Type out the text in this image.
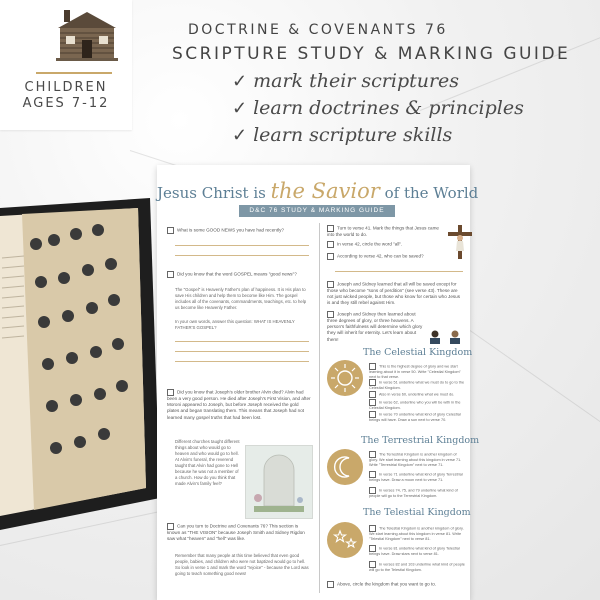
CHILDREN
AGES 7-12
DOCTRINE & COVENANTS 76
SCRIPTURE STUDY & MARKING GUIDE
✓ mark their scriptures
✓ learn doctrines & principles
✓ learn scripture skills
Jesus Christ is the Savior of the World
D&C 76 STUDY & MARKING GUIDE
What is some GOOD NEWS you have had recently?
Did you know that the word GOSPEL means "good news"?
The "Gospel" is Heavenly Father's plan of happiness. It is His plan to save His children and help them to become like Him. The gospel includes all of the covenants, commandments, teachings, etc. to help us become like Heavenly Father.
In your own words, answer this question: WHAT IS HEAVENLY FATHER'S GOSPEL?
Did you know that Joseph's older brother Alvin died? Alvin had been a very good person. He died after Joseph's First Vision, and after Moroni appeared to Joseph, but before Joseph received the gold plates and began translating them. This means that Joseph had not learned many gospel truths that had been lost.
Different churches taught different things about who would go to heaven and who would go to hell. At Alvin's funeral, the reverend taught that Alvin had gone to Hell because he was not a member of a church. How do you think that made Alvin's family feel?
Can you turn to Doctrine and Covenants 76? This section is known as "THE VISION" because Joseph Smith and Sidney Rigdon saw what "heaven" and "hell" was like.
Remember that many people at this time believed that even good people, babies, and children who were not baptized would go to hell. So look in verse 1 and mark the word "rejoice" - because the Lord was going to teach something good news!
Turn to verse 41. Mark the things that Jesus came into the world to do.
In verse 42, circle the word "all".
According to verse 42, who can be saved?
Joseph and Sidney learned that all will be saved except for those who become "sons of perdition" (see verse 43). These are not just wicked people, but those who know for certain who Jesus is and they still rebel against Him.
Joseph and Sidney then learned about three degrees of glory, or three heavens. A person's faithfulness will determine which glory they will inherit for eternity. Let's learn about them!
The Celestial Kingdom
This is the highest degree of glory and we start learning about it in verse 50. Write "Celestial Kingdom" next to that verse.
In verse 51 underline what we must do to go to the Celestial Kingdom.
Also in verse 60, underline what we must do.
In verse 62, underline who you will be with in the Celestial Kingdom.
In verse 70 underline what kind of glory Celestial beings will have. Draw a sun next to verse 70.
The Terrestrial Kingdom
The Terrestrial Kingdom is another kingdom of glory. We start learning about this kingdom in verse 71. Write "Terrestrial Kingdom" next to verse 71.
In verse 71 underline what kind of glory Terrestrial beings have. Draw a moon next to verse 71.
In verses 74, 75, and 79 underline what kind of people will go to the Terrestrial Kingdom.
The Telestial Kingdom
The Telestial Kingdom is another kingdom of glory. We start learning about this kingdom in verse 81. Write "Telestial Kingdom" next to verse 81.
In verse 81 underline what kind of glory Telestial beings have. Draw stars next to verse 81.
In verses 82 and 103 underline what kind of people will go to the Telestial Kingdom.
Above, circle the kingdom that you want to go to.
